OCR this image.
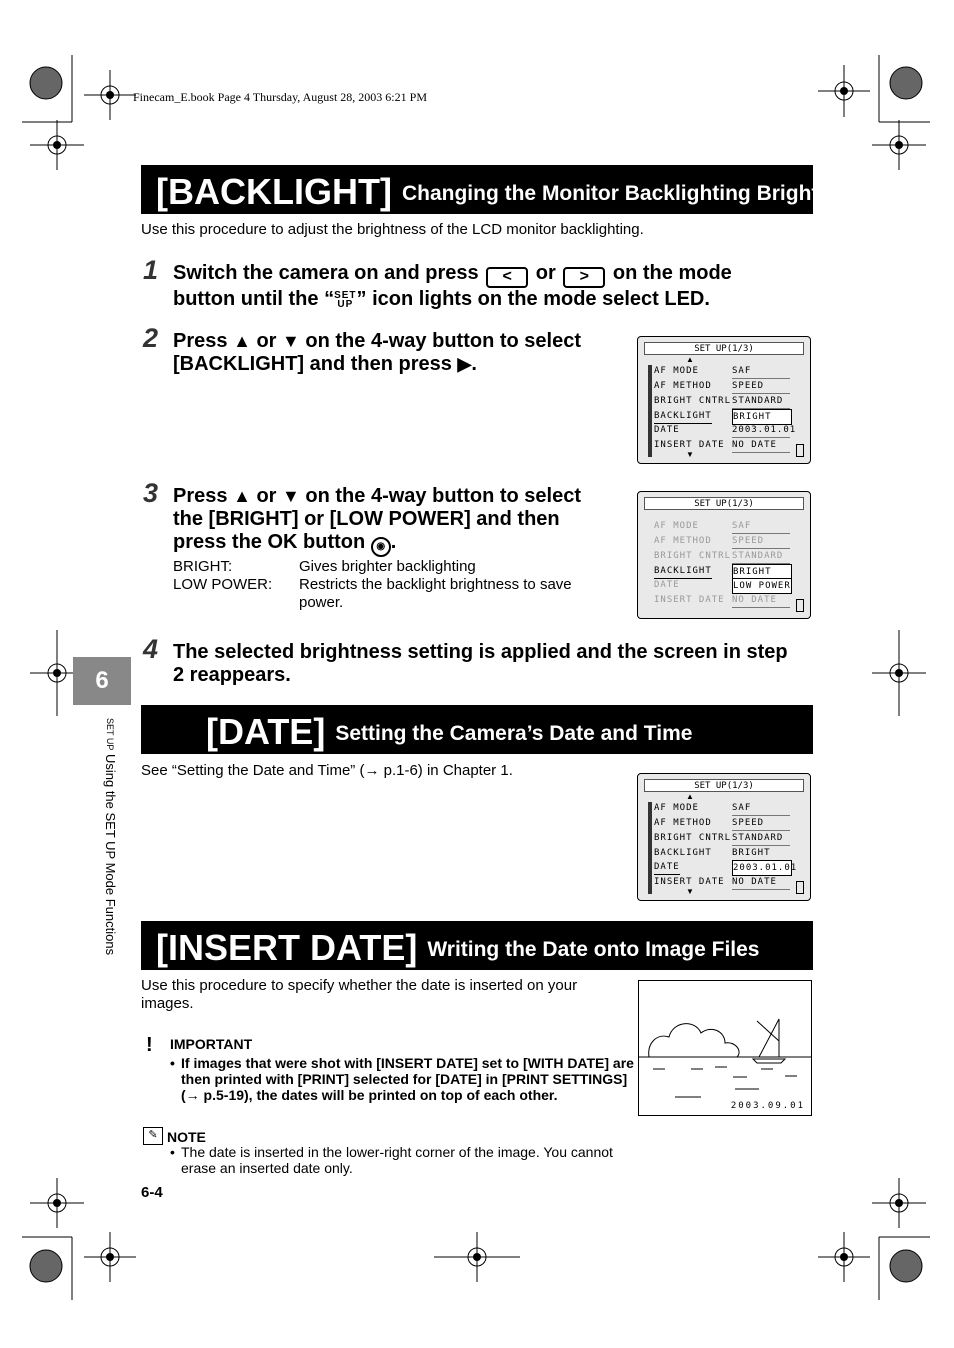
Finecam_E.book Page 4 Thursday, August 28, 2003 6:21 PM
[BACKLIGHT] Changing the Monitor Backlighting Brightness
Use this procedure to adjust the brightness of the LCD monitor backlighting.
1 Switch the camera on and press < or > on the mode
button until the “SET
UP ” icon lights on the mode select LED.
2 Press ▲ or ▼ on the 4-way button to select
[BACKLIGHT] and then press ▶.
SET UP(1/3)
▲
AF MODE	SAF
AF METHOD SPEED
BRIGHT CNTRL STANDARD
BACKLIGHT BRIGHT
DATE	2003.01.01
INSERT DATE NO DATE
▼
3 Press ▲ or ▼ on the 4-way button to select
the [BRIGHT] or [LOW POWER] and then
press the OK button ◉ .
BRIGHT:	Gives brighter backlighting
LOW POWER: Restricts the backlight brightness to save power.
SET UP(1/3)
AF MODE	SAF
AF METHOD SPEED
BRIGHT CNTRL STANDARD
BACKLIGHT BRIGHT
DATE	LOW POWER
INSERT DATE NO DATE
4 The selected brightness setting is applied and the screen in step 2 reappears.
6
SET UP Using the SET UP Mode Functions
[DATE] Setting the Camera’s Date and Time
See “Setting the Date and Time” (→ p.1-6) in Chapter 1.
SET UP(1/3)
▲
AF MODE	SAF
AF METHOD SPEED
BRIGHT CNTRL STANDARD
BACKLIGHT BRIGHT
DATE	2003.01.01
INSERT DATE NO DATE
▼
[INSERT DATE] Writing the Date onto Image Files
Use this procedure to specify whether the date is inserted on your images.
! IMPORTANT
• If images that were shot with [INSERT DATE] set to [WITH DATE] are then printed with [PRINT] selected for [DATE] in [PRINT SETTINGS] (→ p.5-19), the dates will be printed on top of each other.
✎ NOTE
• The date is inserted in the lower-right corner of the image. You cannot erase an inserted date only.
2003.09.01
6-4
